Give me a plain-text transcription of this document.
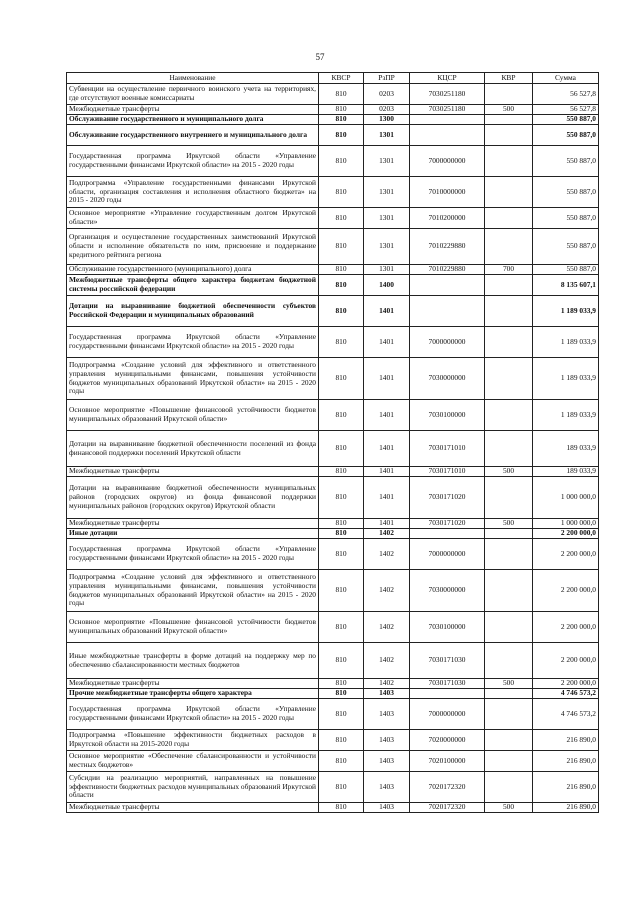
57
Наименование	КВСР	РзПР	КЦСР	КВР	Сумма
Субвенции на осуществление первичного воинского учета на территориях, где отсутствуют военные комиссариаты	810	0203	7030251180		56 527,8
Межбюджетные трансферты	810	0203	7030251180	500	56 527,8
Обслуживание государственного и муниципального долга	810	1300			550 887,0
Обслуживание государственного внутреннего и муниципального долга	810	1301			550 887,0
Государственная программа Иркутской области «Управление государственными финансами Иркутской области» на 2015 - 2020 годы	810	1301	7000000000		550 887,0
Подпрограмма «Управление государственными финансами Иркутской области, организация составления и исполнения областного бюджета» на 2015 - 2020 годы	810	1301	7010000000		550 887,0
Основное мероприятие «Управление государственным долгом Иркутской области»	810	1301	7010200000		550 887,0
Организация и осуществление государственных заимствований Иркутской области и исполнение обязательств по ним, присвоение и поддержание кредитного рейтинга региона	810	1301	7010229880		550 887,0
Обслуживание государственного (муниципального) долга	810	1301	7010229880	700	550 887,0
Межбюджетные трансферты общего характера бюджетам бюджетной системы российской федерации	810	1400			8 135 607,1
Дотации на выравнивание бюджетной обеспеченности субъектов Российской Федерации и муниципальных образований	810	1401			1 189 033,9
Государственная программа Иркутской области «Управление государственными финансами Иркутской области» на 2015 - 2020 годы	810	1401	7000000000		1 189 033,9
Подпрограмма «Создание условий для эффективного и ответственного управления муниципальными финансами, повышения устойчивости бюджетов муниципальных образований Иркутской области» на 2015 - 2020 годы	810	1401	7030000000		1 189 033,9
Основное мероприятие «Повышение финансовой устойчивости бюджетов муниципальных образований Иркутской области»	810	1401	7030100000		1 189 033,9
Дотации на выравнивание бюджетной обеспеченности поселений из фонда финансовой поддержки поселений Иркутской области	810	1401	7030171010		189 033,9
Межбюджетные трансферты	810	1401	7030171010	500	189 033,9
Дотации на выравнивание бюджетной обеспеченности муниципальных районов (городских округов) из фонда финансовой поддержки муниципальных районов (городских округов) Иркутской области	810	1401	7030171020		1 000 000,0
Межбюджетные трансферты	810	1401	7030171020	500	1 000 000,0
Иные дотации	810	1402			2 200 000,0
Государственная программа Иркутской области «Управление государственными финансами Иркутской области» на 2015 - 2020 годы	810	1402	7000000000		2 200 000,0
Подпрограмма «Создание условий для эффективного и ответственного управления муниципальными финансами, повышения устойчивости бюджетов муниципальных образований Иркутской области» на 2015 - 2020 годы	810	1402	7030000000		2 200 000,0
Основное мероприятие «Повышение финансовой устойчивости бюджетов муниципальных образований Иркутской области»	810	1402	7030100000		2 200 000,0
Иные межбюджетные трансферты в форме дотаций на поддержку мер по обеспечению сбалансированности местных бюджетов	810	1402	7030171030		2 200 000,0
Межбюджетные трансферты	810	1402	7030171030	500	2 200 000,0
Прочие межбюджетные трансферты общего характера	810	1403			4 746 573,2
Государственная программа Иркутской области «Управление государственными финансами Иркутской области» на 2015 - 2020 годы	810	1403	7000000000		4 746 573,2
Подпрограмма «Повышение эффективности бюджетных расходов в Иркутской области на 2015-2020 годы	810	1403	7020000000		216 890,0
Основное мероприятие «Обеспечение сбалансированности и устойчивости местных бюджетов»	810	1403	7020100000		216 890,0
Субсидии на реализацию мероприятий, направленных на повышение эффективности бюджетных расходов муниципальных образований Иркутской области	810	1403	7020172320		216 890,0
Межбюджетные трансферты	810	1403	7020172320	500	216 890,0
